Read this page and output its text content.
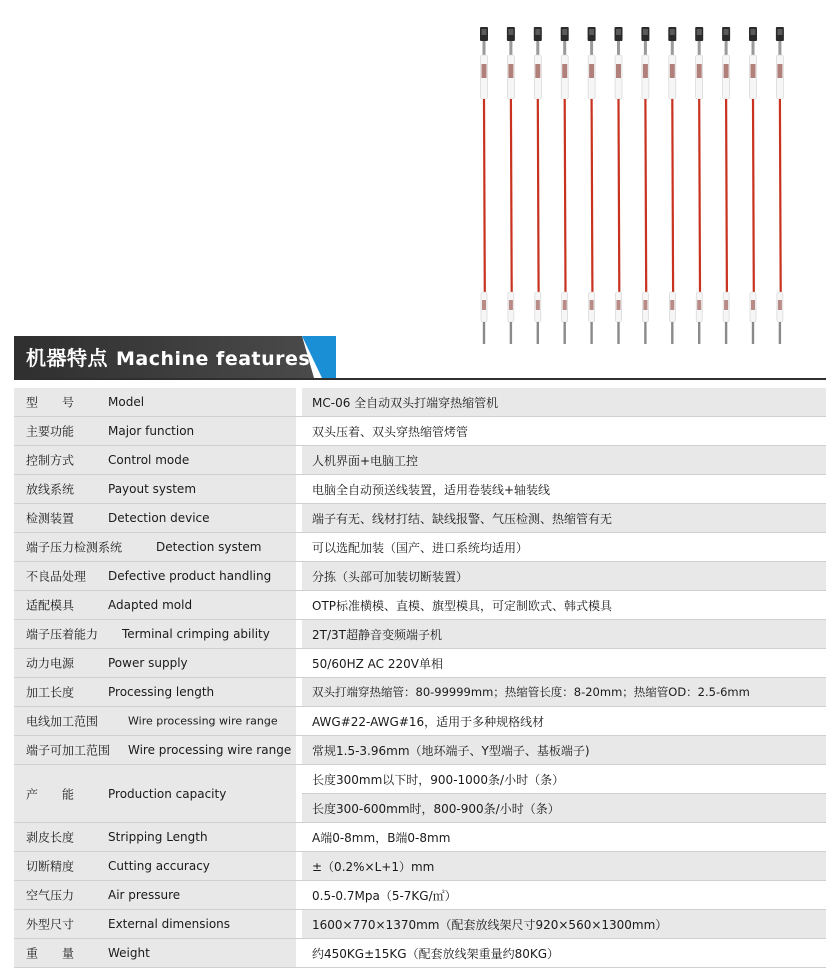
机器特点 Machine features
型　　号 Model		MC-06 全自动双头打端穿热缩管机

主要功能 Major function		双头压着、双头穿热缩管烤管

控制方式 Control mode		人机界面+电脑工控

放线系统 Payout system		电脑全自动预送线装置，适用卷装线+轴装线

检测装置 Detection device		端子有无、线材打结、缺线报警、气压检测、热缩管有无

端子压力检测系统 Detection system		可以选配加装（国产、进口系统均适用）

不良品处理 Defective product handling		分拣（头部可加装切断装置）

适配模具 Adapted mold		OTP标准横模、直模、旗型模具，可定制欧式、韩式模具

端子压着能力 Terminal crimping ability		2T/3T超静音变频端子机

动力电源 Power supply		50/60HZ AC 220V单相

加工长度 Processing length		双头打端穿热缩管：80-99999mm；热缩管长度：8-20mm；热缩管OD：2.5-6mm

电线加工范围 Wire processing wire range		AWG#22-AWG#16，适用于多种规格线材

端子可加工范围 Wire processing wire range		常规1.5-3.96mm（地环端子、Y型端子、基板端子)

产　　能 Production capacity		长度300mm以下时，900-1000条/小时（条）
		长度300-600mm时，800-900条/小时（条）

剥皮长度 Stripping Length		A端0-8mm，B端0-8mm

切断精度 Cutting accuracy		±（0.2%×L+1）mm

空气压力 Air pressure		0.5-0.7Mpa（5-7KG/㎡）

外型尺寸 External dimensions		1600×770×1370mm（配套放线架尺寸920×560×1300mm）

重　　量 Weight		约450KG±15KG（配套放线架重量约80KG）
